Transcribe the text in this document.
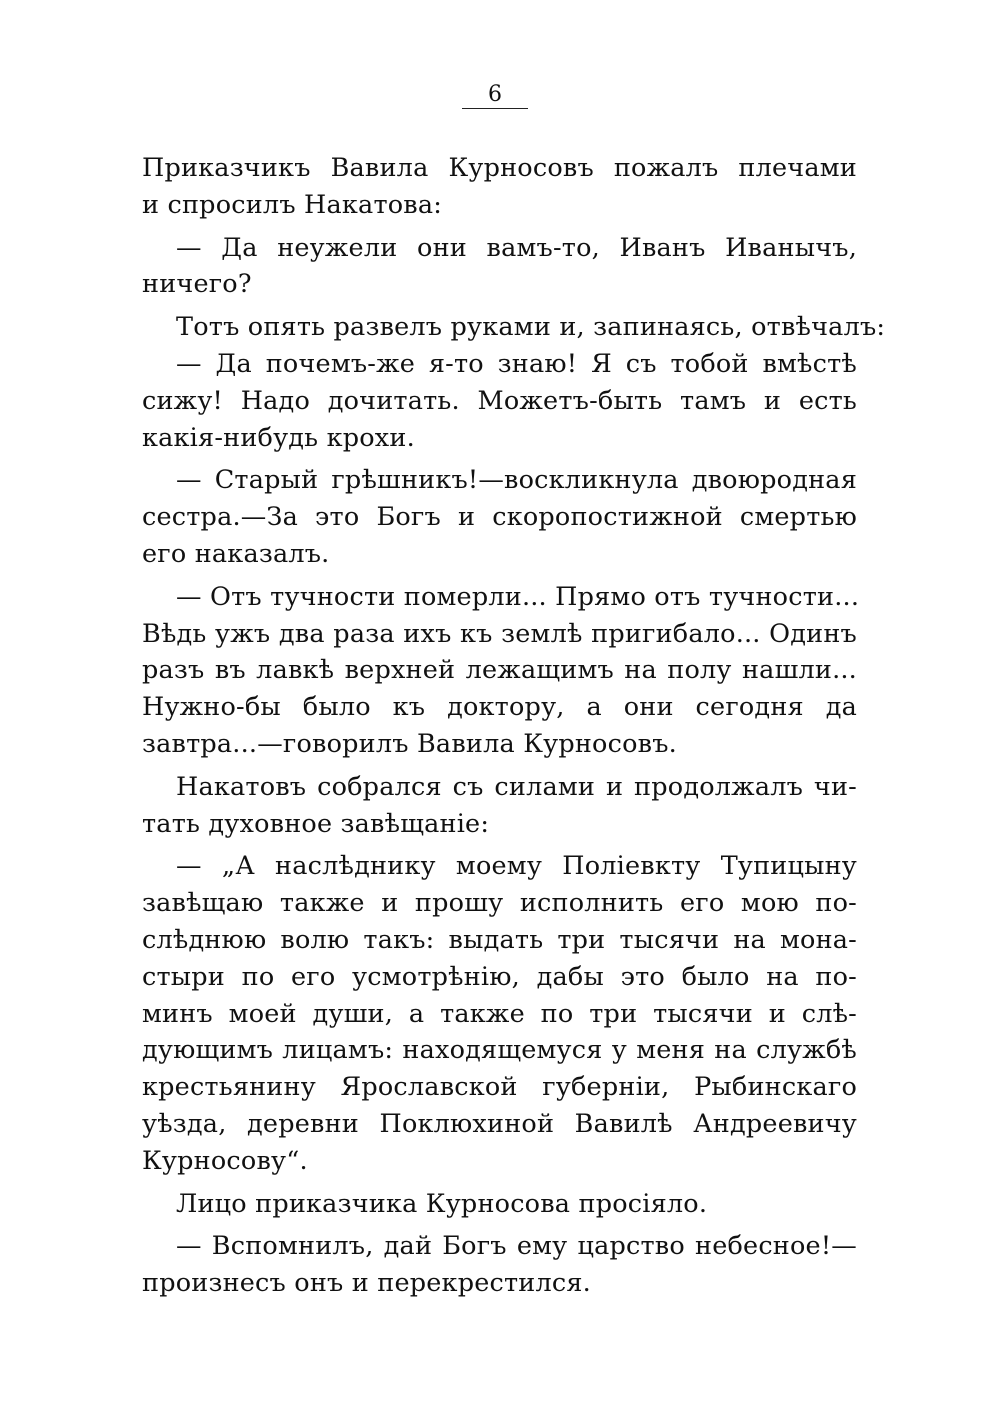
6
Приказчикъ Вавила Курносовъ пожалъ плечами
и спросилъ Накатова:
— Да неужели они вамъ-то, Иванъ Иванычъ,
ничего?
Тотъ опять развелъ руками и, запинаясь, отвѣчалъ:
— Да почемъ-же я-то знаю! Я съ тобой вмѣстѣ
сижу! Надо дочитать. Можетъ-быть тамъ и есть
какія-нибудь крохи.
— Старый грѣшникъ!—воскликнула двоюродная
сестра.—За это Богъ и скоропостижной смертью
его наказалъ.
— Отъ тучности померли... Прямо отъ тучности...
Вѣдь ужъ два раза ихъ къ землѣ пригибало... Одинъ
разъ въ лавкѣ верхней лежащимъ на полу нашли...
Нужно-бы было къ доктору, а они сегодня да
завтра...—говорилъ Вавила Курносовъ.
Накатовъ собрался съ силами и продолжалъ чи-
тать духовное завѣщаніе:
— „А наслѣднику моему Поліевкту Тупицыну
завѣщаю также и прошу исполнить его мою по-
слѣднюю волю такъ: выдать три тысячи на мона-
стыри по его усмотрѣнію, дабы это было на по-
минъ моей души, а также по три тысячи и слѣ-
дующимъ лицамъ: находящемуся у меня на службѣ
крестьянину Ярославской губерніи, Рыбинскаго
уѣзда, деревни Поклюхиной Вавилѣ Андреевичу
Курносову“.
Лицо приказчика Курносова просіяло.
— Вспомнилъ, дай Богъ ему царство небесное!—
произнесъ онъ и перекрестился.
